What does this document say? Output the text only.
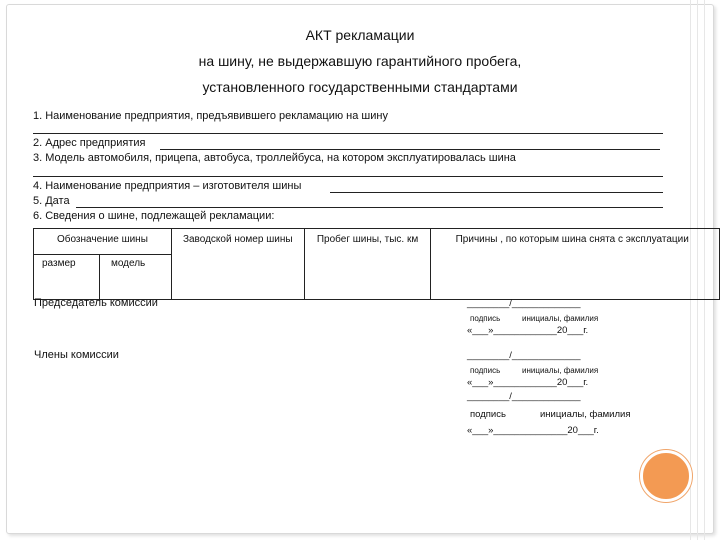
АКТ рекламации
на шину, не выдержавшую гарантийного пробега,
установленного государственными стандартами
1. Наименование предприятия, предъявившего рекламацию на шину
2. Адрес предприятия
3. Модель автомобиля, прицепа, автобуса, троллейбуса, на котором эксплуатировалась шина
4. Наименование предприятия – изготовителя шины
5. Дата
6. Сведения о шине, подлежащей рекламации:
Обозначение шины		Заводской номер шины	Пробег шины, тыс. км	Причины , по которым шина снята с эксплуатации
размер	модель			
Председатель комиссии	________/_____________
подпись	инициалы, фамилия
«___»____________20___г.
Члены комиссии	________/_____________
подпись	инициалы, фамилия
«___»____________20___г.
________/_____________
подпись	инициалы, фамилия
«___»______________20___г.
